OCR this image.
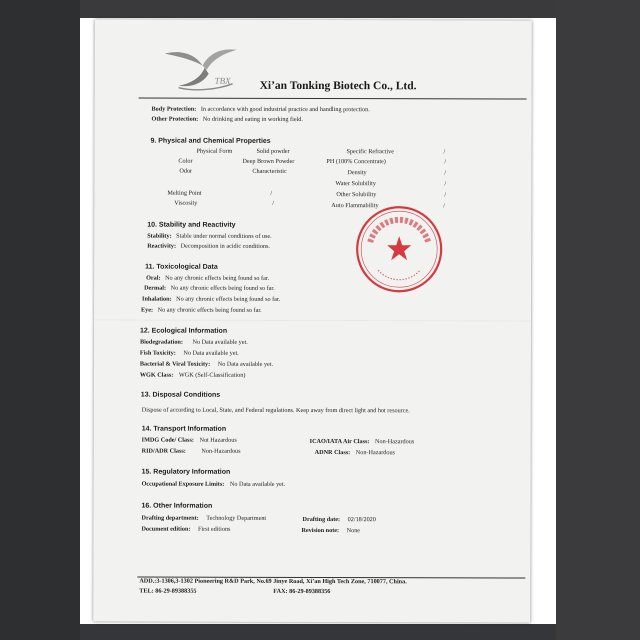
TBX	Xi’an Tonking Biotech Co., Ltd.
Body Protection: In accordance with good industrial practice and handling protection.
Other Protection: No drinking and eating in working field.
9. Physical and Chemical Properties
Physical Form	Solid powder
Color	Deep Brown Powder
Odor	Characteristic
Melting Point	/
Viscosity	/
Specific Refractive	/
PH (100% Concentrate)	/
Density	/
Water Solubility	/
Other Solubility	/
Auto Flammability	/
10. Stability and Reactivity
Stability: Stable under normal conditions of use.
Reactivity: Decomposition in acidic conditions.
11. Toxicological Data
Oral: No any chronic effects being found so far.
Dermal: No any chronic effects being found so far.
Inhalation: No any chronic effects being found so far.
Eye: No any chronic effects being found so far.
12. Ecological Information
Biodegradation: No Data available yet.
Fish Toxicity: No Data available yet.
Bacterial & Viral Toxicity: No Data available yet.
WGK Class: WGK (Self-Classification)
13. Disposal Conditions
Dispose of according to Local, State, and Federal regulations. Keep away from direct light and hot resource.
14. Transport Information
IMDG Code/ Class: Not Hazardous
RID/ADR Class:	Non-Hazardous
ICAO/IATA Air Class: Non-Hazardous
ADNR Class: Non-Hazardous
15. Regulatory Information
Occupational Exposure Limits: No Data available yet.
16. Other Information
Drafting department: Technology Department
Document edition: First editions
Drafting date: 02/18/2020
Revision note: None
ADD.:3-1306,3-1302 Pioneering R&D Park, No.69 Jinye Road, Xi’an High Tech Zone, 710077, China.
TEL: 86-29-89388355	FAX: 86-29-89388356
